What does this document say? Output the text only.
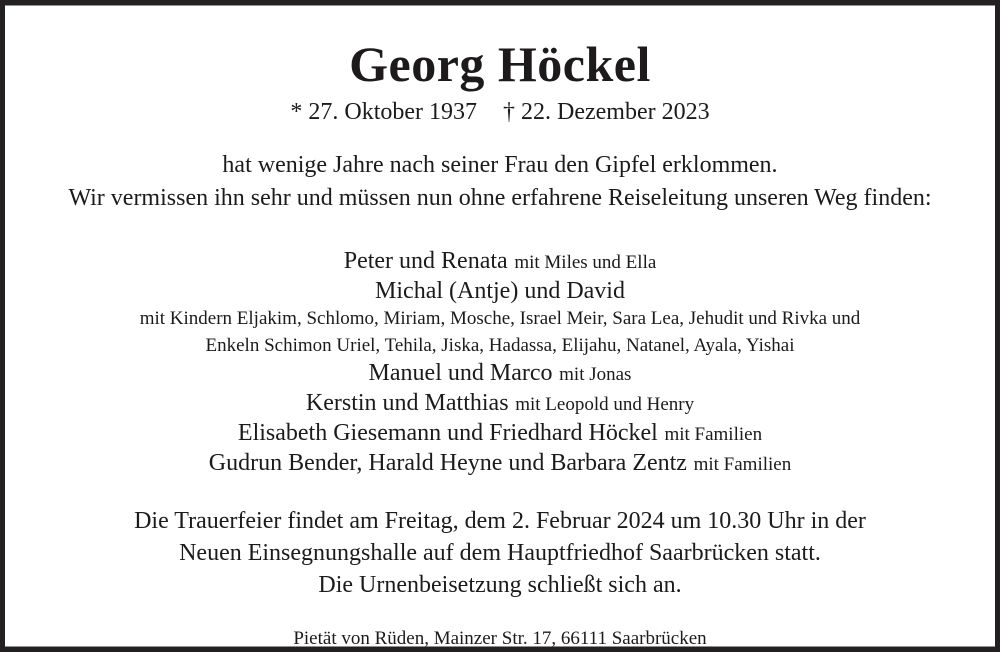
Georg Höckel
* 27. Oktober 1937 † 22. Dezember 2023
hat wenige Jahre nach seiner Frau den Gipfel erklommen.
Wir vermissen ihn sehr und müssen nun ohne erfahrene Reiseleitung unseren Weg finden:
Peter und Renata mit Miles und Ella
Michal (Antje) und David
mit Kindern Eljakim, Schlomo, Miriam, Mosche, Israel Meir, Sara Lea, Jehudit und Rivka und
Enkeln Schimon Uriel, Tehila, Jiska, Hadassa, Elijahu, Natanel, Ayala, Yishai
Manuel und Marco mit Jonas
Kerstin und Matthias mit Leopold und Henry
Elisabeth Giesemann und Friedhard Höckel mit Familien
Gudrun Bender, Harald Heyne und Barbara Zentz mit Familien
Die Trauerfeier findet am Freitag, dem 2. Februar 2024 um 10.30 Uhr in der
Neuen Einsegnungshalle auf dem Hauptfriedhof Saarbrücken statt.
Die Urnenbeisetzung schließt sich an.
Pietät von Rüden, Mainzer Str. 17, 66111 Saarbrücken
